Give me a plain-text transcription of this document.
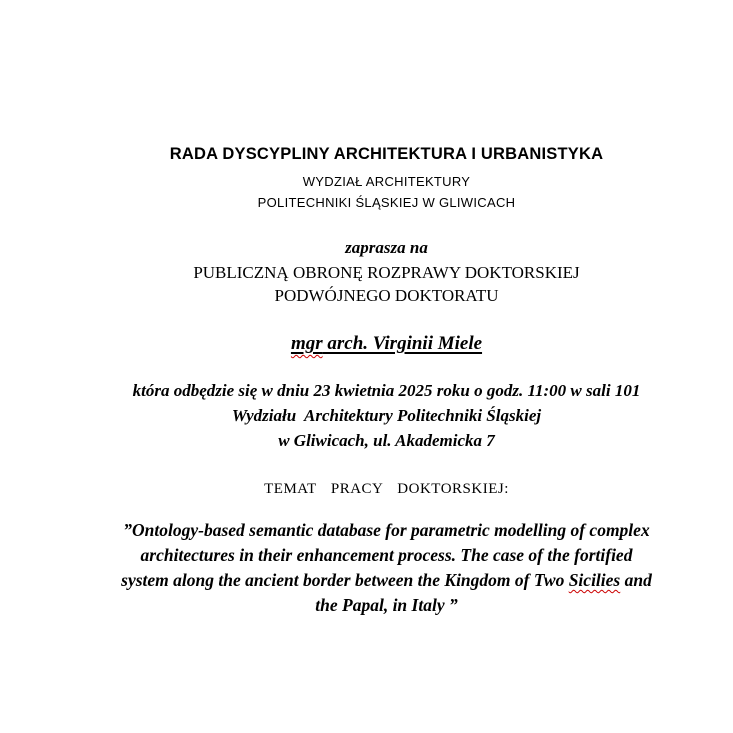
RADA DYSCYPLINY ARCHITEKTURA I URBANISTYKA
WYDZIAŁ ARCHITEKTURY
POLITECHNIKI ŚLĄSKIEJ W GLIWICACH
zaprasza na
PUBLICZNĄ OBRONĘ ROZPRAWY DOKTORSKIEJ
PODWÓJNEGO DOKTORATU
mgr arch. Virginii Miele
która odbędzie się w dniu 23 kwietnia 2025 roku o godz. 11:00 w sali 101
Wydziału  Architektury Politechniki Śląskiej
w Gliwicach, ul. Akademicka 7
TEMAT  PRACY  DOKTORSKIEJ:
”Ontology-based semantic database for parametric modelling of complex
architectures in their enhancement process. The case of the fortified
system along the ancient border between the Kingdom of Two Sicilies and
the Papal, in Italy ”
